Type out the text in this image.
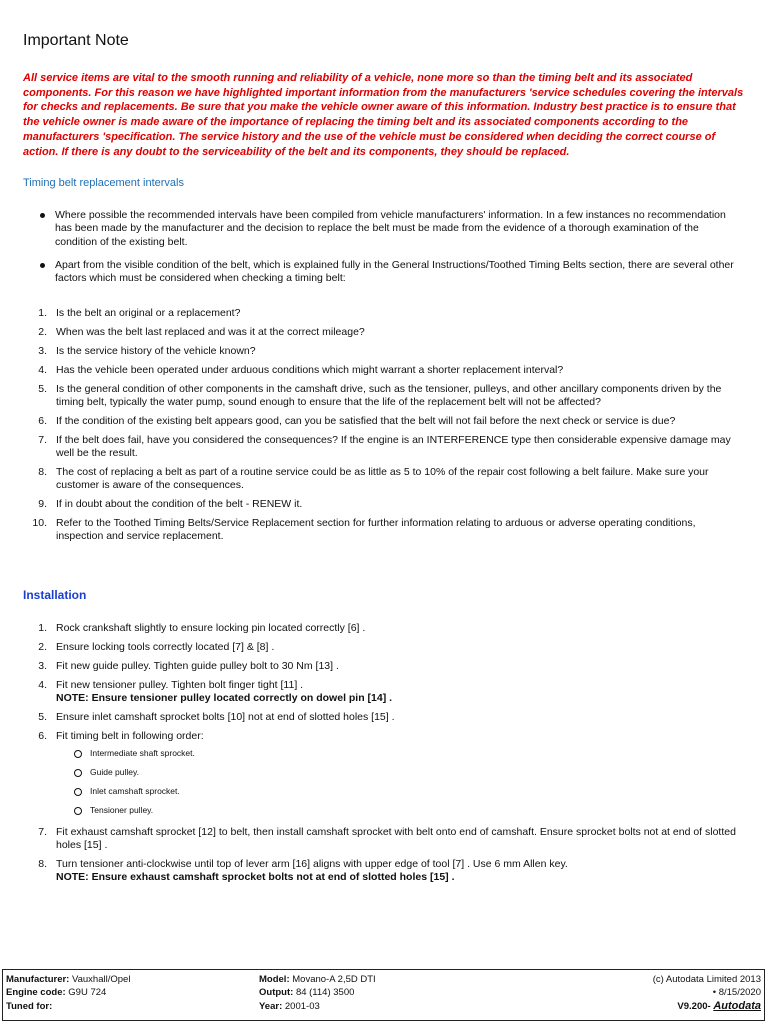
Important Note
All service items are vital to the smooth running and reliability of a vehicle, none more so than the timing belt and its associated components. For this reason we have highlighted important information from the manufacturers 'service schedules covering the intervals for checks and replacements. Be sure that you make the vehicle owner aware of this information. Industry best practice is to ensure that the vehicle owner is made aware of the importance of replacing the timing belt and its associated components according to the manufacturers 'specification. The service history and the use of the vehicle must be considered when deciding the correct course of action. If there is any doubt to the serviceability of the belt and its components, they should be replaced.
Timing belt replacement intervals
Where possible the recommended intervals have been compiled from vehicle manufacturers' information. In a few instances no recommendation has been made by the manufacturer and the decision to replace the belt must be made from the evidence of a thorough examination of the condition of the existing belt.
Apart from the visible condition of the belt, which is explained fully in the General Instructions/Toothed Timing Belts section, there are several other factors which must be considered when checking a timing belt:
1. Is the belt an original or a replacement?
2. When was the belt last replaced and was it at the correct mileage?
3. Is the service history of the vehicle known?
4. Has the vehicle been operated under arduous conditions which might warrant a shorter replacement interval?
5. Is the general condition of other components in the camshaft drive, such as the tensioner, pulleys, and other ancillary components driven by the timing belt, typically the water pump, sound enough to ensure that the life of the replacement belt will not be affected?
6. If the condition of the existing belt appears good, can you be satisfied that the belt will not fail before the next check or service is due?
7. If the belt does fail, have you considered the consequences? If the engine is an INTERFERENCE type then considerable expensive damage may well be the result.
8. The cost of replacing a belt as part of a routine service could be as little as 5 to 10% of the repair cost following a belt failure. Make sure your customer is aware of the consequences.
9. If in doubt about the condition of the belt - RENEW it.
10. Refer to the Toothed Timing Belts/Service Replacement section for further information relating to arduous or adverse operating conditions, inspection and service replacement.
Installation
1. Rock crankshaft slightly to ensure locking pin located correctly [6] .
2. Ensure locking tools correctly located [7] & [8] .
3. Fit new guide pulley. Tighten guide pulley bolt to 30 Nm [13] .
4. Fit new tensioner pulley. Tighten bolt finger tight [11] .
NOTE: Ensure tensioner pulley located correctly on dowel pin [14] .
5. Ensure inlet camshaft sprocket bolts [10] not at end of slotted holes [15] .
6. Fit timing belt in following order:
Intermediate shaft sprocket.
Guide pulley.
Inlet camshaft sprocket.
Tensioner pulley.
7. Fit exhaust camshaft sprocket [12] to belt, then install camshaft sprocket with belt onto end of camshaft. Ensure sprocket bolts not at end of slotted holes [15] .
8. Turn tensioner anti-clockwise until top of lever arm [16] aligns with upper edge of tool [7] . Use 6 mm Allen key.
NOTE: Ensure exhaust camshaft sprocket bolts not at end of slotted holes [15] .
Manufacturer: Vauxhall/Opel
Engine code: G9U 724
Tuned for:
Model: Movano-A 2,5D DTI
Output: 84 (114) 3500
Year: 2001-03
(c) Autodata Limited 2013
• 8/15/2020
V9.200- Autodata
